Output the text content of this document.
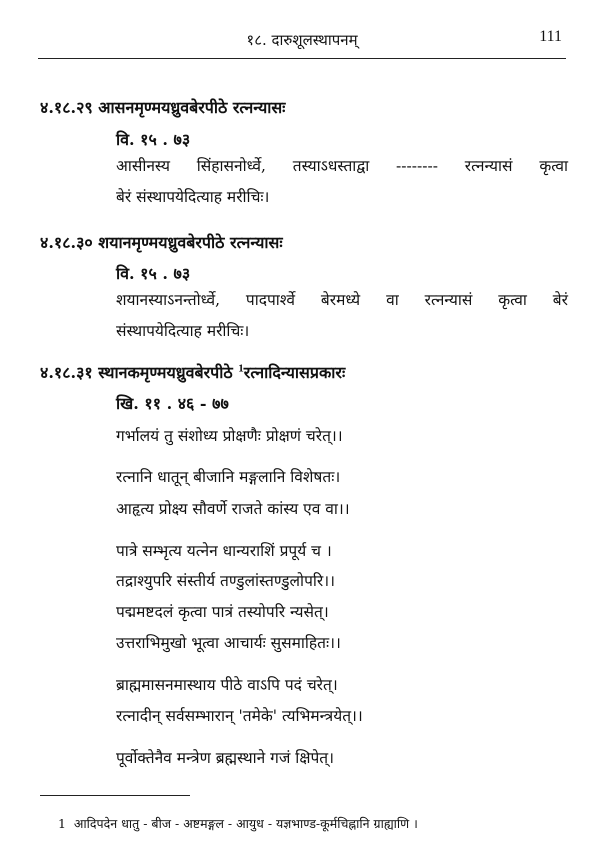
१८. दारुशूलस्थापनम्	111
४.१८.२९ आसनमृण्मयध्रुवबेरपीठे रत्नन्यासः
वि. १५ . ७३
आसीनस्य सिंहासनोर्ध्वे, तस्याऽधस्ताद्वा -------- रत्नन्यासं कृत्वा
बेरं संस्थापयेदित्याह मरीचिः।
४.१८.३० शयानमृण्मयध्रुवबेरपीठे रत्नन्यासः
वि. १५ . ७३
शयानस्याऽनन्तोर्ध्वे, पादपार्श्वे बेरमध्ये वा रत्नन्यासं कृत्वा बेरं
संस्थापयेदित्याह मरीचिः।
४.१८.३१ स्थानकमृण्मयध्रुवबेरपीठे $^1$रत्नादिन्यासप्रकारः
खि. ११ . ४६ - ७७
गर्भालयं तु संशोध्य प्रोक्षणैः प्रोक्षणं चरेत्।।
रत्नानि धातून् बीजानि मङ्गलानि विशेषतः।
आहृत्य प्रोक्ष्य सौवर्णे राजते कांस्य एव वा।।
पात्रे सम्भृत्य यत्नेन धान्यराशिं प्रपूर्य च ।
तद्राश्युपरि संस्तीर्य तण्डुलांस्तण्डुलोपरि।।
पद्ममष्टदलं कृत्वा पात्रं तस्योपरि न्यसेत्।
उत्तराभिमुखो भूत्वा आचार्यः सुसमाहितः।।
ब्राह्ममासनमास्थाय पीठे वाऽपि पदं चरेत्।
रत्नादीन् सर्वसम्भारान् 'तमेके' त्यभिमन्त्रयेत्।।
पूर्वोक्तेनैव मन्त्रेण ब्रह्मस्थाने गजं क्षिपेत्।
1 आदिपदेन धातु - बीज - अष्टमङ्गल - आयुध - यज्ञभाण्ड-कूर्मचिह्नानि ग्राह्याणि ।
